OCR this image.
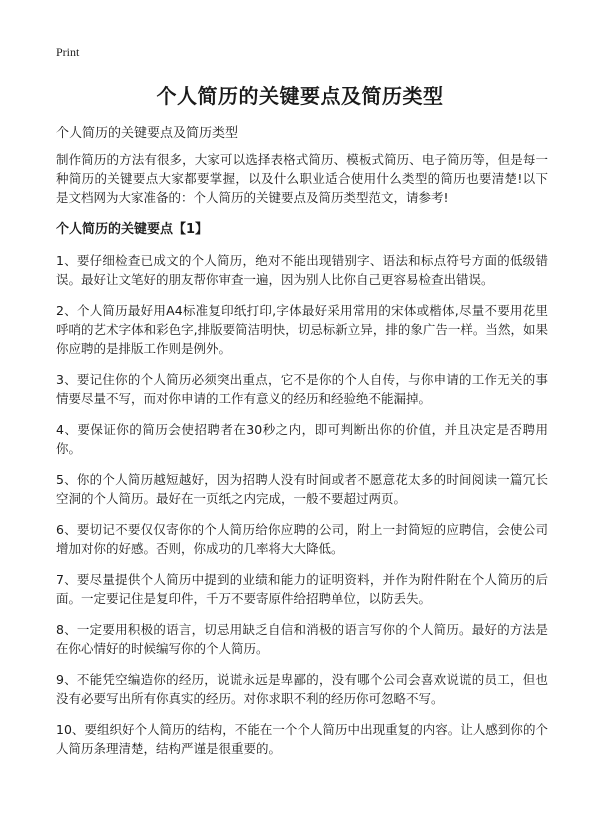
Print
个人简历的关键要点及简历类型
个人简历的关键要点及简历类型

制作简历的方法有很多，大家可以选择表格式简历、模板式简历、电子简历等，但是每一种简历的关键要点大家都要掌握，以及什么职业适合使用什么类型的简历也要清楚!以下是文档网为大家准备的：个人简历的关键要点及简历类型范文，请参考!

个人简历的关键要点【1】

1、要仔细检查已成文的个人简历，绝对不能出现错别字、语法和标点符号方面的低级错误。最好让文笔好的朋友帮你审查一遍，因为别人比你自己更容易检查出错误。

2、个人简历最好用A4标准复印纸打印,字体最好采用常用的宋体或楷体,尽量不要用花里呼哨的艺术字体和彩色字,排版要简洁明快，切忌标新立异，排的象广告一样。当然，如果你应聘的是排版工作则是例外。

3、要记住你的个人简历必须突出重点，它不是你的个人自传，与你申请的工作无关的事情要尽量不写，而对你申请的工作有意义的经历和经验绝不能漏掉。

4、要保证你的简历会使招聘者在30秒之内，即可判断出你的价值，并且决定是否聘用你。

5、你的个人简历越短越好，因为招聘人没有时间或者不愿意花太多的时间阅读一篇冗长空洞的个人简历。最好在一页纸之内完成，一般不要超过两页。

6、要切记不要仅仅寄你的个人简历给你应聘的公司，附上一封简短的应聘信，会使公司增加对你的好感。否则，你成功的几率将大大降低。

7、要尽量提供个人简历中提到的业绩和能力的证明资料，并作为附件附在个人简历的后面。一定要记住是复印件，千万不要寄原件给招聘单位，以防丢失。

8、一定要用积极的语言，切忌用缺乏自信和消极的语言写你的个人简历。最好的方法是在你心情好的时候编写你的个人简历。

9、不能凭空编造你的经历，说谎永远是卑鄙的，没有哪个公司会喜欢说谎的员工，但也没有必要写出所有你真实的经历。对你求职不利的经历你可忽略不写。

10、要组织好个人简历的结构，不能在一个个人简历中出现重复的内容。让人感到你的个人简历条理清楚，结构严谨是很重要的。
